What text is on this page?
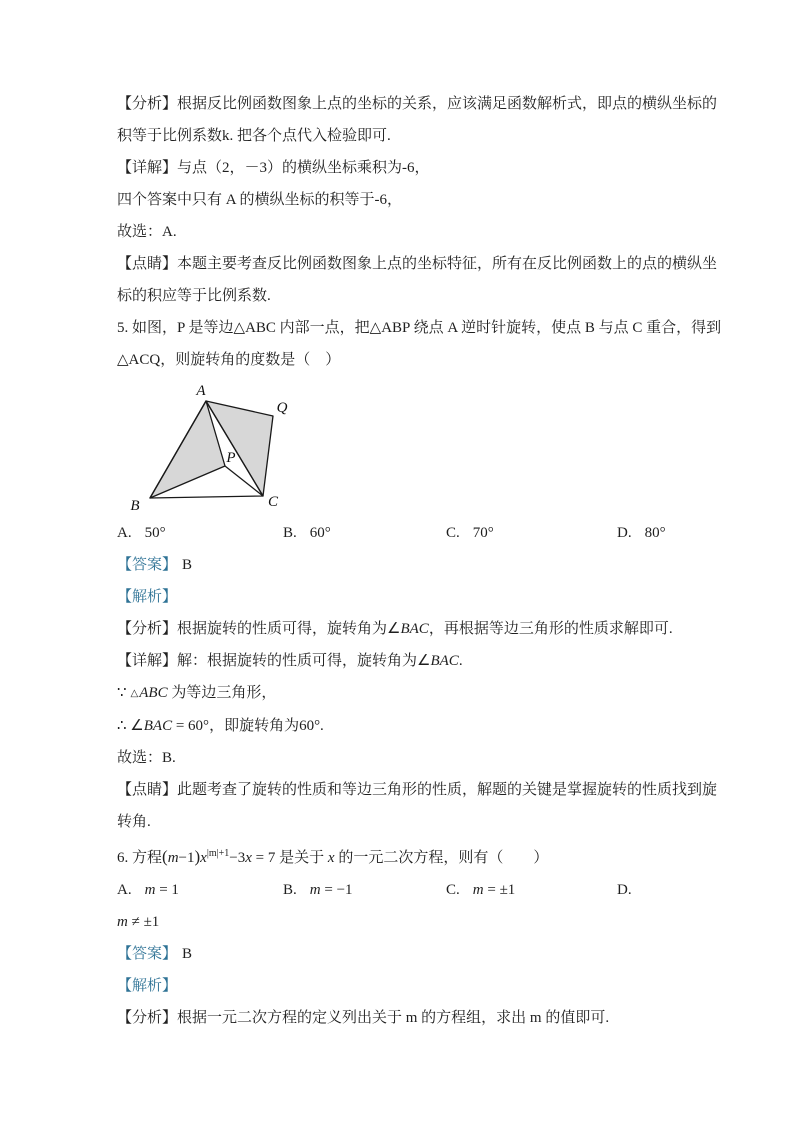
【分析】根据反比例函数图象上点的坐标的关系，应该满足函数解析式，即点的横纵坐标的

积等于比例系数k. 把各个点代入检验即可.

【详解】与点（2，－3）的横纵坐标乘积为-6，

四个答案中只有 A 的横纵坐标的积等于-6，

故选：A.

【点睛】本题主要考查反比例函数图象上点的坐标特征，所有在反比例函数上的点的横纵坐

标的积应等于比例系数.

5. 如图，P 是等边△ABC 内部一点，把△ABP 绕点 A 逆时针旋转，使点 B 与点 C 重合，得到

△ACQ，则旋转角的度数是（　）

A
B	C
P
Q
A. 50°	B. 60°	C. 70°	D. 80°

【答案】 B

【解析】

【分析】根据旋转的性质可得，旋转角为∠BAC，再根据等边三角形的性质求解即可.

【详解】解：根据旋转的性质可得，旋转角为∠BAC.

∵ △ABC 为等边三角形，

∴ ∠BAC = 60°，即旋转角为60°.

故选：B.

【点睛】此题考查了旋转的性质和等边三角形的性质，解题的关键是掌握旋转的性质找到旋

转角.

6. 方程$(m-1)x^{|m|+1}-3x = 7$ 是关于 x 的一元二次方程，则有（　　）

A. m = 1	B. m = −1	C. m = ±1	D.

m ≠ ±1

【答案】 B

【解析】

【分析】根据一元二次方程的定义列出关于 m 的方程组，求出 m 的值即可.
